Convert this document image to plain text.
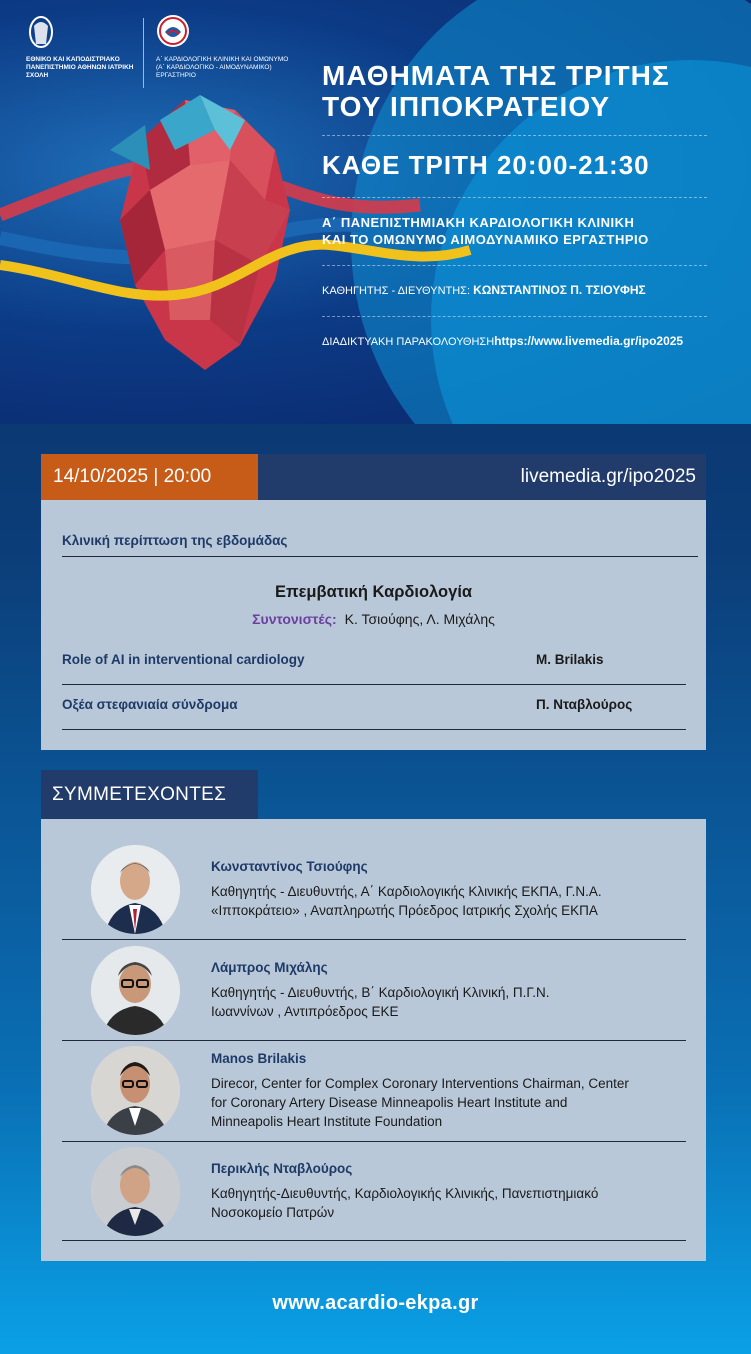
ΕΘΝΙΚΟ ΚΑΙ ΚΑΠΟΔΙΣΤΡΙΑΚΟ ΠΑΝΕΠΙΣΤΗΜΙΟ ΑΘΗΝΩΝ ΙΑΤΡΙΚΗ ΣΧΟΛΗ
Α΄ ΚΑΡΔΙΟΛΟΓΙΚΗ ΚΛΙΝΙΚΗ ΚΑΙ ΟΜΩΝΥΜΟ (Α΄ ΚΑΡΔΙΟΛΟΓΙΚΟ - ΑΙΜΟΔΥΝΑΜΙΚΟ) ΕΡΓΑΣΤΗΡΙΟ	ΜΑΘΗΜΑΤΑ ΤΗΣ ΤΡΙΤΗΣ
ΤΟΥ ΙΠΠΟΚΡΑΤΕΙΟΥ
ΚΑΘΕ ΤΡΙΤΗ 20:00-21:30
Α΄ ΠΑΝΕΠΙΣΤΗΜΙΑΚΗ ΚΑΡΔΙΟΛΟΓΙΚΗ ΚΛΙΝΙΚΗ
ΚΑΙ ΤΟ ΟΜΩΝΥΜΟ ΑΙΜΟΔΥΝΑΜΙΚΟ ΕΡΓΑΣΤΗΡΙΟ
ΚΑΘΗΓΗΤΗΣ - ΔΙΕΥΘΥΝΤΗΣ: ΚΩΝΣΤΑΝΤΙΝΟΣ Π. ΤΣΙΟΥΦΗΣ
ΔΙΑΔΙΚΤΥΑΚΗ ΠΑΡΑΚΟΛΟΥΘΗΣΗhttps://www.livemedia.gr/ipo2025
14/10/2025 | 20:00	livemedia.gr/ipo2025
Κλινική περίπτωση της εβδομάδας
Επεμβατική Καρδιολογία
Συντονιστές: Κ. Τσιούφης, Λ. Μιχάλης
Role of AI in interventional cardiology	M. Brilakis
Οξέα στεφανιαία σύνδρομα	Π. Νταβλούρος
ΣΥΜΜΕΤΕΧΟΝΤΕΣ
Κωνσταντίνος Τσιούφης
Καθηγητής - Διευθυντής, Α΄ Καρδιολογικής Κλινικής ΕΚΠΑ, Γ.Ν.Α.
«Ιπποκράτειο» , Αναπληρωτής Πρόεδρος Ιατρικής Σχολής ΕΚΠΑ
Λάμπρος Μιχάλης
Καθηγητής - Διευθυντής, Β΄ Καρδιολογική Κλινική, Π.Γ.Ν.
Ιωαννίνων , Αντιπρόεδρος ΕΚΕ
Manos Brilakis
Direcor, Center for Complex Coronary Interventions Chairman, Center
for Coronary Artery Disease Minneapolis Heart Institute and
Minneapolis Heart Institute Foundation
Περικλής Νταβλούρος
Καθηγητής-Διευθυντής, Καρδιολογικής Κλινικής, Πανεπιστημιακό
Νοσοκομείο Πατρών
www.acardio-ekpa.gr
